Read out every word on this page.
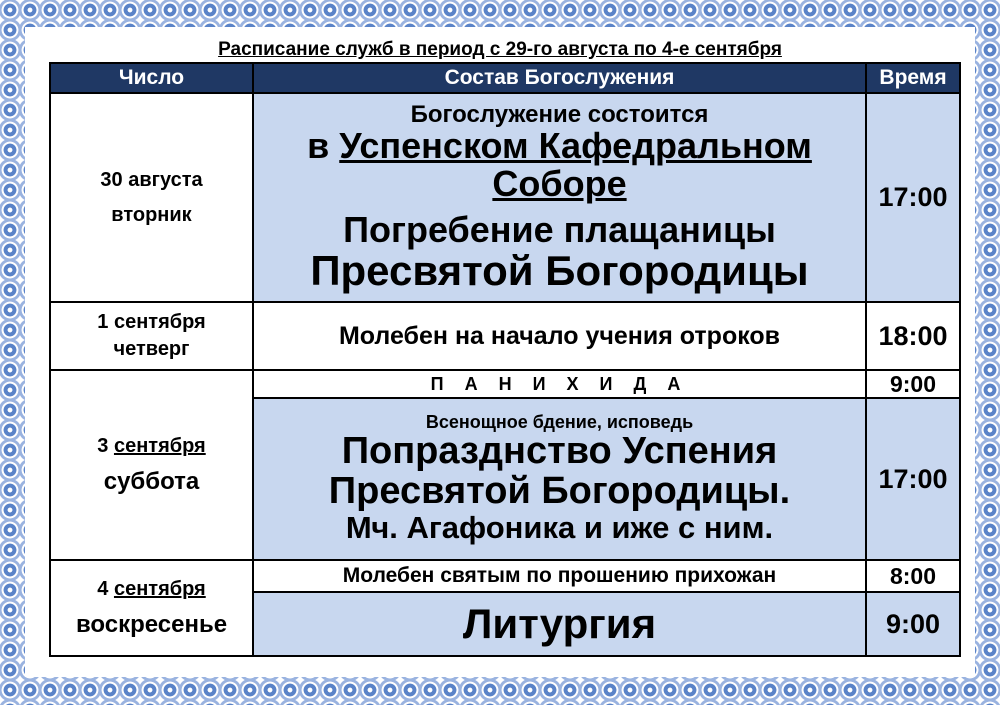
Расписание служб в период с 29-го августа по 4-е сентября
Число	Состав Богослужения	Время

30 августа
вторник	Богослужение состоится
в Успенском Кафедральном
Соборе
Погребение плащаницы
Пресвятой Богородицы	17:00

1 сентября
четверг	Молебен на начало учения отроков	18:00

3 сентября
суббота	П А Н И Х И Д А	9:00

	Всенощное бдение, исповедь
Попразднство Успения
Пресвятой Богородицы.
Мч. Агафоника и иже с ним.	17:00

4 сентября
воскресенье	Молебен святым по прошению прихожан	8:00
	Литургия	9:00
